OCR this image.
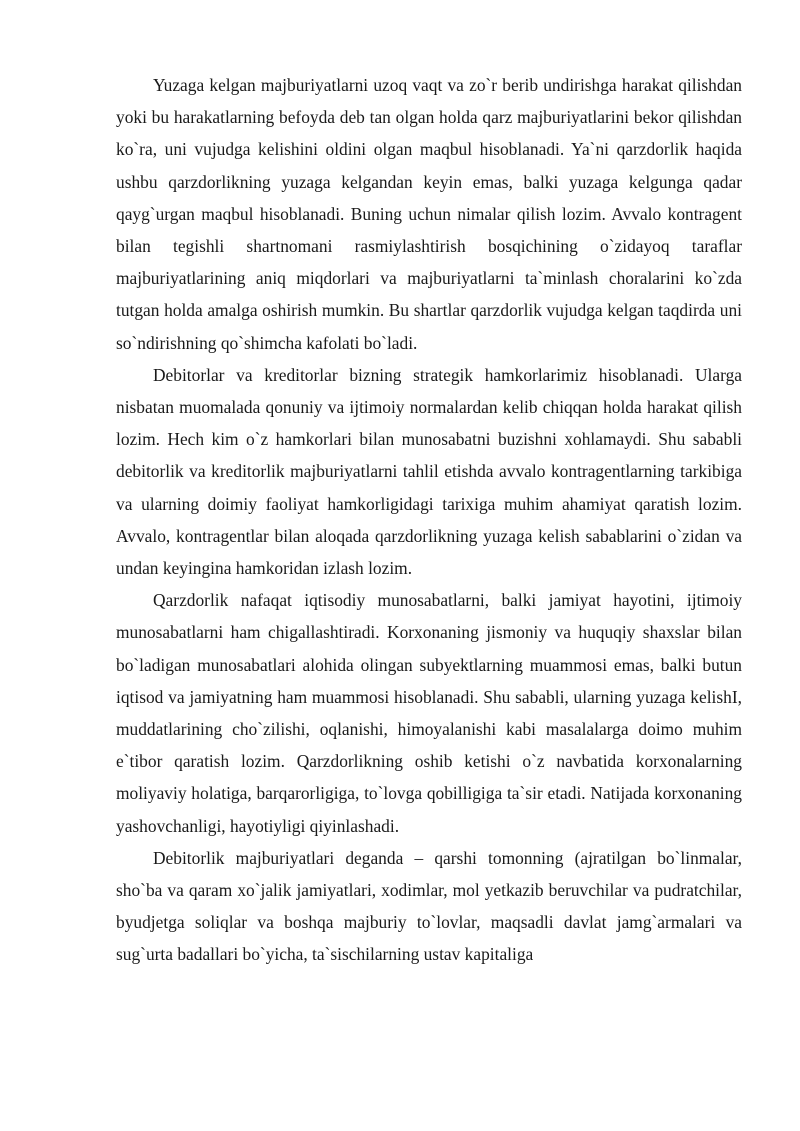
Yuzaga kelgan majburiyatlarni uzoq vaqt va zo`r berib undirishga harakat qilishdan yoki bu harakatlarning befoyda deb tan olgan holda qarz majburiyatlarini bekor qilishdan ko`ra, uni vujudga kelishini oldini olgan maqbul hisoblanadi. Ya`ni qarzdorlik haqida ushbu qarzdorlikning yuzaga kelgandan keyin emas, balki yuzaga kelgunga qadar qayg`urgan maqbul hisoblanadi. Buning uchun nimalar qilish lozim. Avvalo kontragent bilan tegishli shartnomani rasmiylashtirish bosqichining o`zidayoq taraflar majburiyatlarining aniq miqdorlari va majburiyatlarni ta`minlash choralarini ko`zda tutgan holda amalga oshirish mumkin. Bu shartlar qarzdorlik vujudga kelgan taqdirda uni so`ndirishning qo`shimcha kafolati bo`ladi.

Debitorlar va kreditorlar bizning strategik hamkorlarimiz hisoblanadi. Ularga nisbatan muomalada qonuniy va ijtimoiy normalardan kelib chiqqan holda harakat qilish lozim. Hech kim o`z hamkorlari bilan munosabatni buzishni xohlamaydi. Shu sababli debitorlik va kreditorlik majburiyatlarni tahlil etishda avvalo kontragentlarning tarkibiga va ularning doimiy faoliyat hamkorligidagi tarixiga muhim ahamiyat qaratish lozim. Avvalo, kontragentlar bilan aloqada qarzdorlikning yuzaga kelish sabablarini o`zidan va undan keyingina hamkoridan izlash lozim.

Qarzdorlik nafaqat iqtisodiy munosabatlarni, balki jamiyat hayotini, ijtimoiy munosabatlarni ham chigallashtiradi. Korxonaning jismoniy va huquqiy shaxslar bilan bo`ladigan munosabatlari alohida olingan subyektlarning muammosi emas, balki butun iqtisod va jamiyatning ham muammosi hisoblanadi. Shu sababli, ularning yuzaga kelishI, muddatlarining cho`zilishi, oqlanishi, himoyalanishi kabi masalalarga doimo muhim e`tibor qaratish lozim. Qarzdorlikning oshib ketishi o`z navbatida korxonalarning moliyaviy holatiga, barqarorligiga, to`lovga qobilligiga ta`sir etadi. Natijada korxonaning yashovchanligi, hayotiyligi qiyinlashadi.

Debitorlik majburiyatlari deganda – qarshi tomonning (ajratilgan bo`linmalar, sho`ba va qaram xo`jalik jamiyatlari, xodimlar, mol yetkazib beruvchilar va pudratchilar, byudjetga soliqlar va boshqa majburiy to`lovlar, maqsadli davlat jamg`armalari va sug`urta badallari bo`yicha, ta`sischilarning ustav kapitaliga
